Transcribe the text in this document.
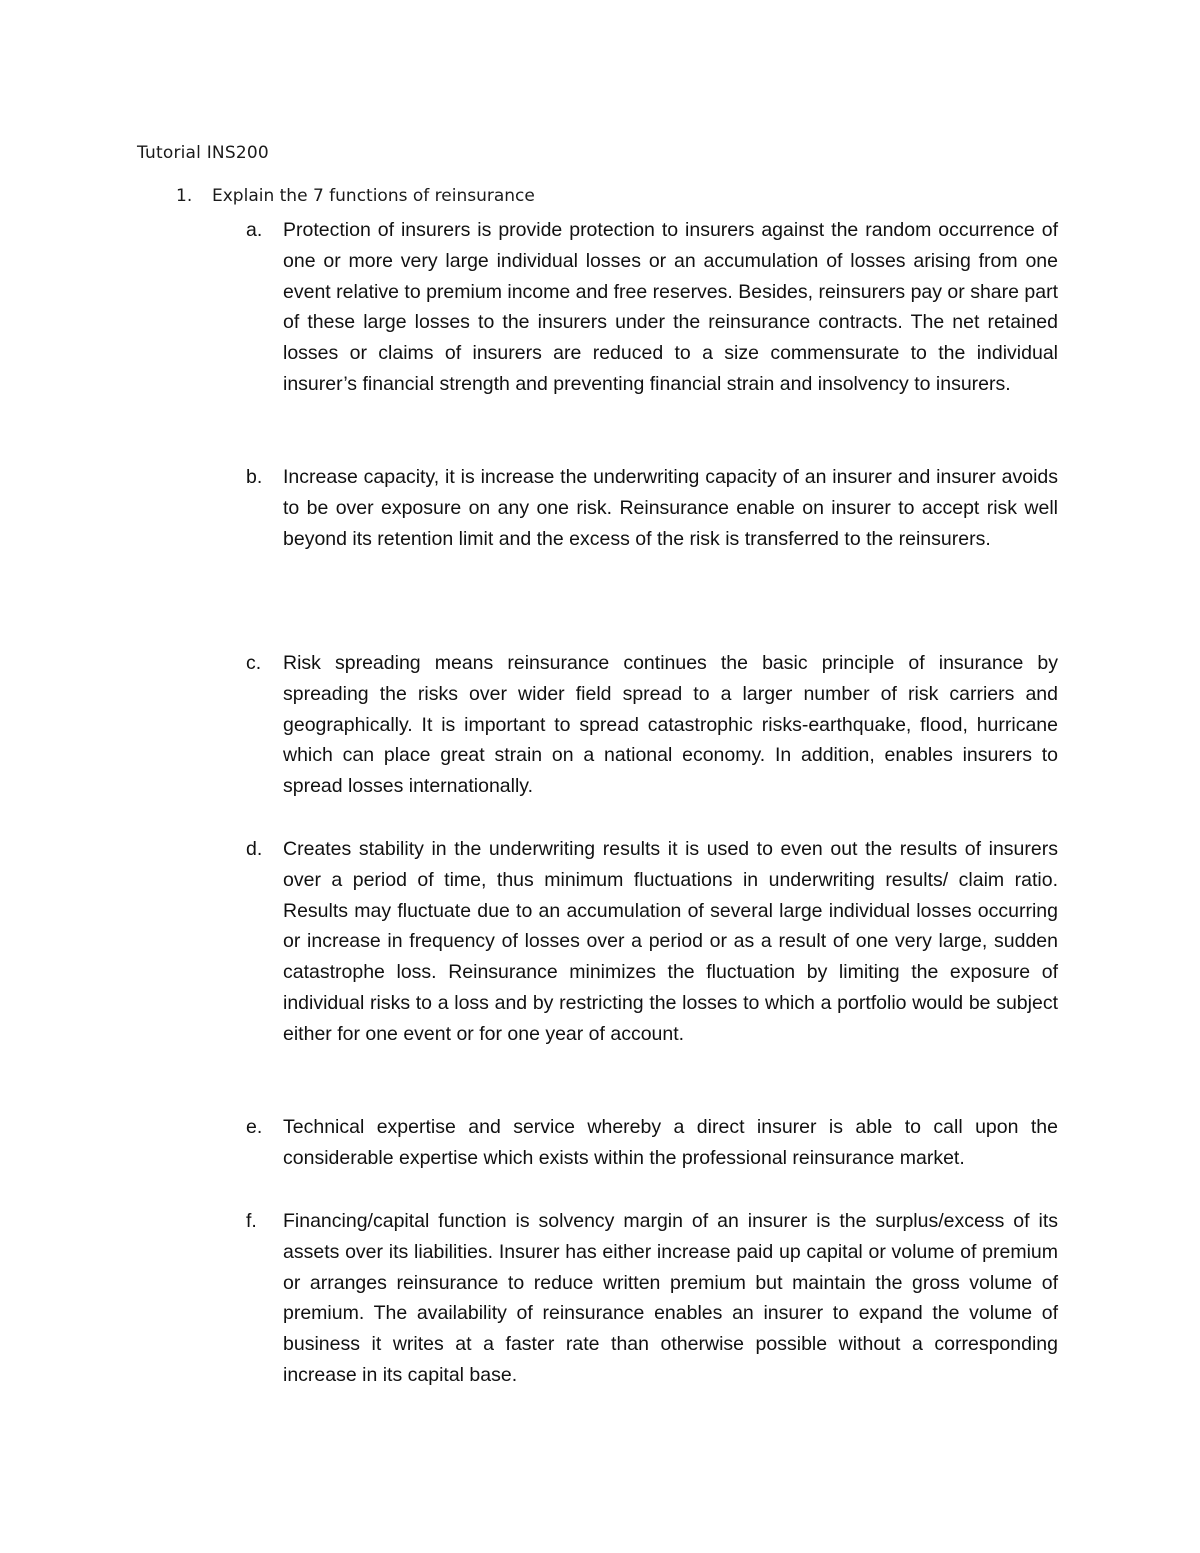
Tutorial INS200
1. Explain the 7 functions of reinsurance
a.	Protection of insurers is provide protection to insurers against the random occurrence of one or more very large individual losses or an accumulation of losses arising from one event relative to premium income and free reserves. Besides, reinsurers pay or share part of these large losses to the insurers under the reinsurance contracts. The net retained losses or claims of insurers are reduced to a size commensurate to the individual insurer’s financial strength and preventing financial strain and insolvency to insurers.
b.	Increase capacity, it is increase the underwriting capacity of an insurer and insurer avoids to be over exposure on any one risk. Reinsurance enable on insurer to accept risk well beyond its retention limit and the excess of the risk is transferred to the reinsurers.
c.	Risk spreading means reinsurance continues the basic principle of insurance by spreading the risks over wider field spread to a larger number of risk carriers and geographically. It is important to spread catastrophic risks-earthquake, flood, hurricane which can place great strain on a national economy. In addition, enables insurers to spread losses internationally.
d.	Creates stability in the underwriting results it is used to even out the results of insurers over a period of time, thus minimum fluctuations in underwriting results/ claim ratio. Results may fluctuate due to an accumulation of several large individual losses occurring or increase in frequency of losses over a period or as a result of one very large, sudden catastrophe loss. Reinsurance minimizes the fluctuation by limiting the exposure of individual risks to a loss and by restricting the losses to which a portfolio would be subject either for one event or for one year of account.
e.	Technical expertise and service whereby a direct insurer is able to call upon the considerable expertise which exists within the professional reinsurance market.
f.	Financing/capital function is solvency margin of an insurer is the surplus/excess of its assets over its liabilities. Insurer has either increase paid up capital or volume of premium or arranges reinsurance to reduce written premium but maintain the gross volume of premium. The availability of reinsurance enables an insurer to expand the volume of business it writes at a faster rate than otherwise possible without a corresponding increase in its capital base.
